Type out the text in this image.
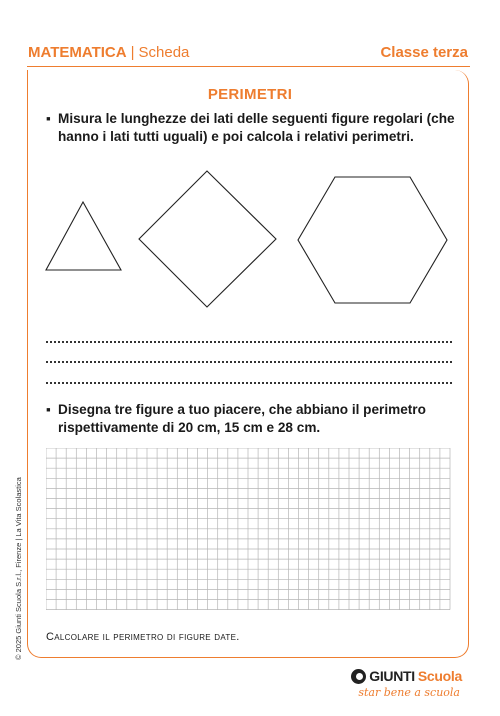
MATEMATICA | Scheda	Classe terza
PERIMETRI
▪ Misura le lunghezze dei lati delle seguenti figure regolari (che hanno i lati tutti uguali) e poi calcola i relativi perimetri.
▪ Disegna tre figure a tuo piacere, che abbiano il perimetro rispettivamente di 20 cm, 15 cm e 28 cm.
Calcolare il perimetro di figure date.
© 2025 Giunti Scuola S.r.l., Firenze | La Vita Scolastica
GIUNTI Scuola
star bene a scuola
